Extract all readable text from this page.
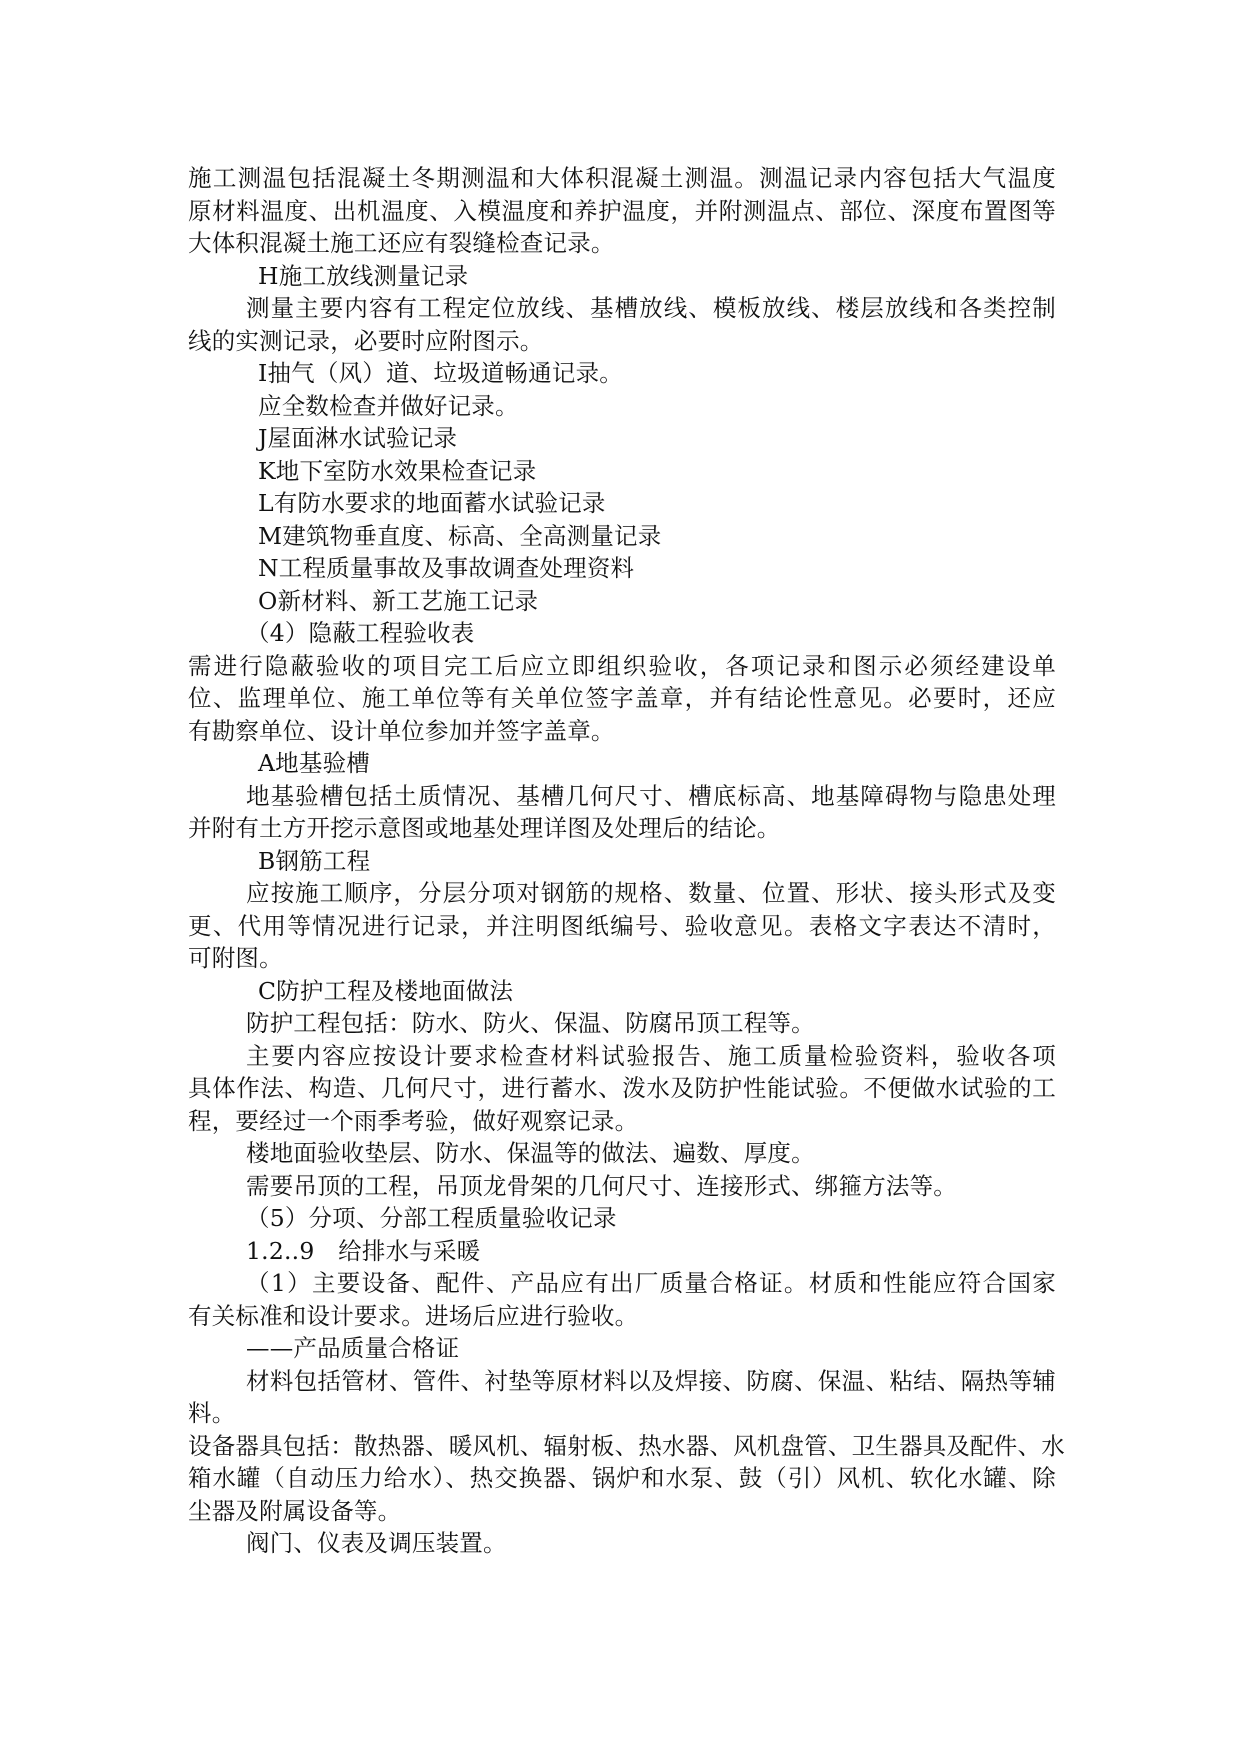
施工测温包括混凝土冬期测温和大体积混凝土测温。测温记录内容包括大气温度
原材料温度、出机温度、入模温度和养护温度，并附测温点、部位、深度布置图等
大体积混凝土施工还应有裂缝检查记录。
H施工放线测量记录
测量主要内容有工程定位放线、基槽放线、模板放线、楼层放线和各类控制
线的实测记录，必要时应附图示。
I抽气（风）道、垃圾道畅通记录。
应全数检查并做好记录。
J屋面淋水试验记录
K地下室防水效果检查记录
L有防水要求的地面蓄水试验记录
M建筑物垂直度、标高、全高测量记录
N工程质量事故及事故调查处理资料
O新材料、新工艺施工记录
（4）隐蔽工程验收表
需进行隐蔽验收的项目完工后应立即组织验收，各项记录和图示必须经建设单
位、监理单位、施工单位等有关单位签字盖章，并有结论性意见。必要时，还应
有勘察单位、设计单位参加并签字盖章。
A地基验槽
地基验槽包括土质情况、基槽几何尺寸、槽底标高、地基障碍物与隐患处理
并附有土方开挖示意图或地基处理详图及处理后的结论。
B钢筋工程
应按施工顺序，分层分项对钢筋的规格、数量、位置、形状、接头形式及变
更、代用等情况进行记录，并注明图纸编号、验收意见。表格文字表达不清时，
可附图。
C防护工程及楼地面做法
防护工程包括：防水、防火、保温、防腐吊顶工程等。
主要内容应按设计要求检查材料试验报告、施工质量检验资料，验收各项
具体作法、构造、几何尺寸，进行蓄水、泼水及防护性能试验。不便做水试验的工
程，要经过一个雨季考验，做好观察记录。
楼地面验收垫层、防水、保温等的做法、遍数、厚度。
需要吊顶的工程，吊顶龙骨架的几何尺寸、连接形式、绑箍方法等。
（5）分项、分部工程质量验收记录
1.2..9　给排水与采暖
（1）主要设备、配件、产品应有出厂质量合格证。材质和性能应符合国家
有关标准和设计要求。进场后应进行验收。
——产品质量合格证
材料包括管材、管件、衬垫等原材料以及焊接、防腐、保温、粘结、隔热等辅
料。
设备器具包括：散热器、暖风机、辐射板、热水器、风机盘管、卫生器具及配件、水
箱水罐（自动压力给水）、热交换器、锅炉和水泵、鼓（引）风机、软化水罐、除
尘器及附属设备等。
阀门、仪表及调压装置。
